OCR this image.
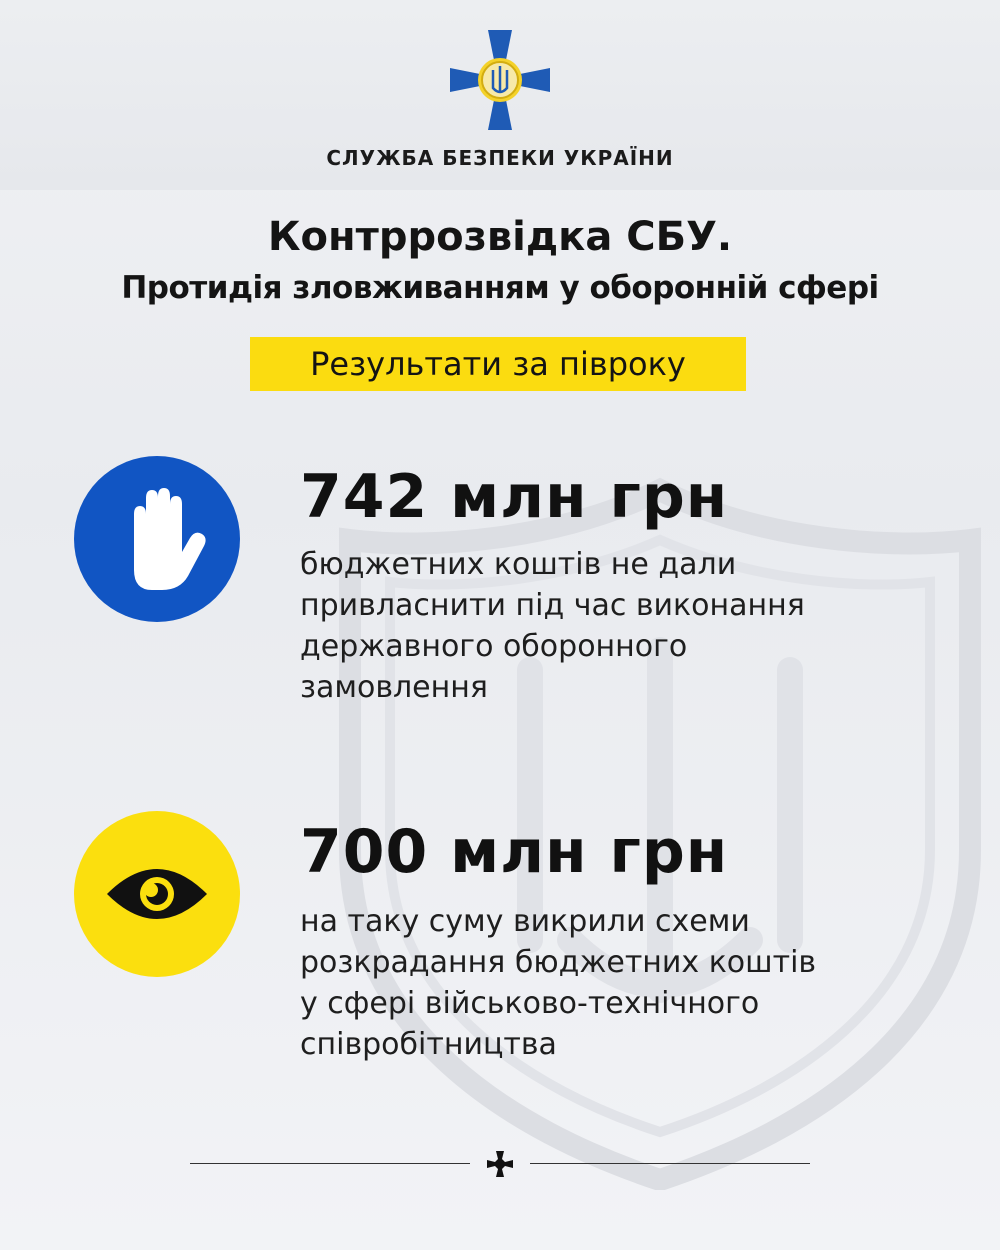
СЛУЖБА БЕЗПЕКИ УКРАЇНИ
Контррозвідка СБУ.
Протидія зловживанням у оборонній сфері
Результати за півроку
742 млн грн
бюджетних коштів не дали
привласнити під час виконання
державного оборонного
замовлення
700 млн грн
на таку суму викрили схеми
розкрадання бюджетних коштів
у сфері військово-технічного
співробітництва
